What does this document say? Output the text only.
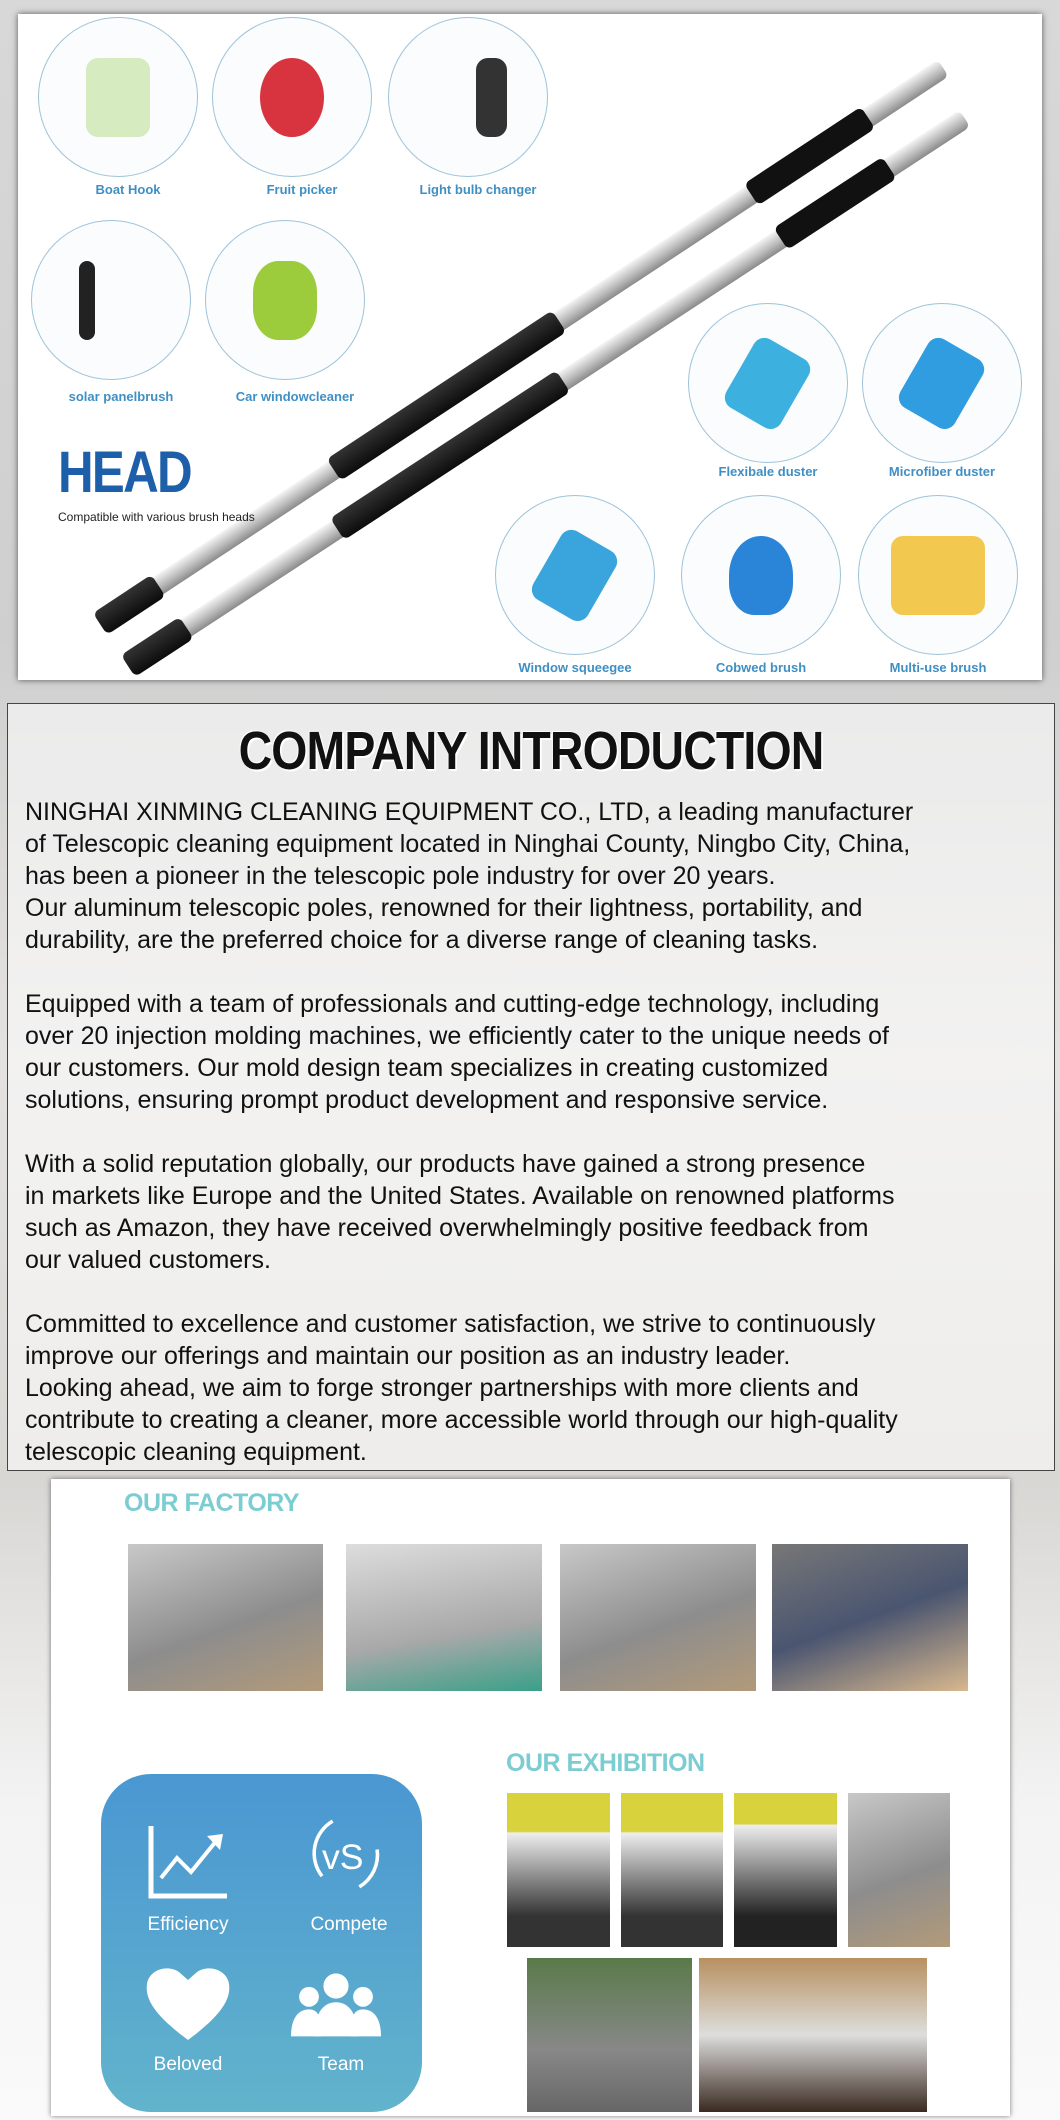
Boat Hook	Fruit picker	Light bulb changer
solar panelbrush	Car windowcleaner
Flexibale duster	Microfiber duster
Window squeegee	Cobwed brush	Multi-use brush
HEAD
Compatible with various brush heads
COMPANY INTRODUCTION
NINGHAI XINMING CLEANING EQUIPMENT CO., LTD, a leading manufacturer
of Telescopic cleaning equipment located in Ninghai County, Ningbo City, China,
has been a pioneer in the telescopic pole industry for over 20 years.
Our aluminum telescopic poles, renowned for their lightness, portability, and
durability, are the preferred choice for a diverse range of cleaning tasks.

Equipped with a team of professionals and cutting-edge technology, including
over 20 injection molding machines, we efficiently cater to the unique needs of
our customers. Our mold design team specializes in creating customized
solutions, ensuring prompt product development and responsive service.

With a solid reputation globally, our products have gained a strong presence
in markets like Europe and the United States. Available on renowned platforms
such as Amazon, they have received overwhelmingly positive feedback from
our valued customers.

Committed to excellence and customer satisfaction, we strive to continuously
improve our offerings and maintain our position as an industry leader.
Looking ahead, we aim to forge stronger partnerships with more clients and
contribute to creating a cleaner, more accessible world through our high-quality
telescopic cleaning equipment.
OUR FACTORY
OUR EXHIBITION
Efficiency
vS
Compete
Beloved	Team
